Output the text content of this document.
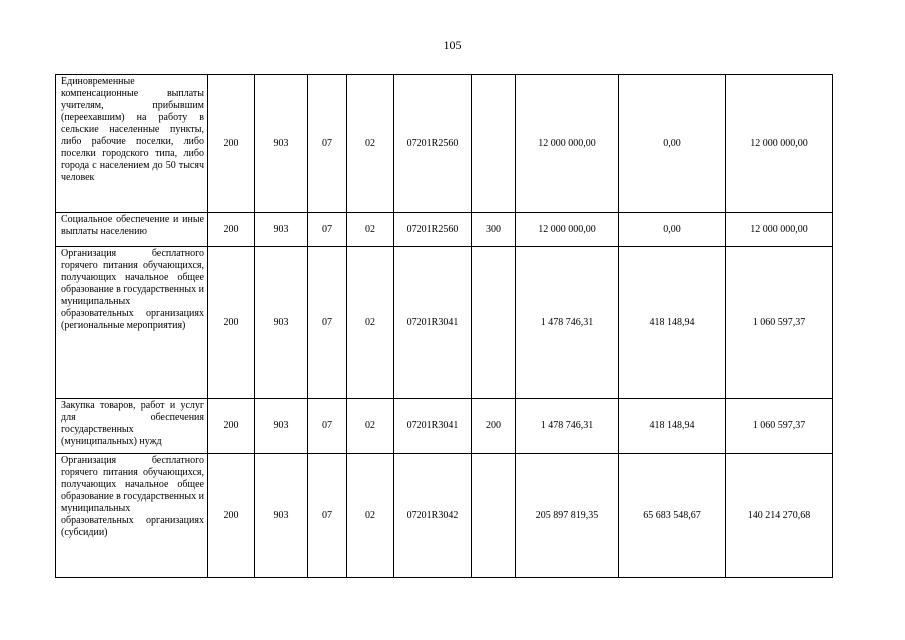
105
Единовременные компенсационные выплаты учителям, прибывшим (переехавшим) на работу в сельские населенные пункты, либо рабочие поселки, либо поселки городского типа, либо города с населением до 50 тысяч человек	200	903	07	02	07201R2560		12 000 000,00	0,00	12 000 000,00
Социальное обеспечение и иные выплаты населению	200	903	07	02	07201R2560	300	12 000 000,00	0,00	12 000 000,00
Организация бесплатного горячего питания обучающихся, получающих начальное общее образование в государственных и муниципальных образовательных организациях (региональные мероприятия)	200	903	07	02	07201R3041		1 478 746,31	418 148,94	1 060 597,37
Закупка товаров, работ и услуг для обеспечения государственных (муниципальных) нужд	200	903	07	02	07201R3041	200	1 478 746,31	418 148,94	1 060 597,37
Организация бесплатного горячего питания обучающихся, получающих начальное общее образование в государственных и муниципальных образовательных организациях (субсидии)	200	903	07	02	07201R3042		205 897 819,35	65 683 548,67	140 214 270,68
